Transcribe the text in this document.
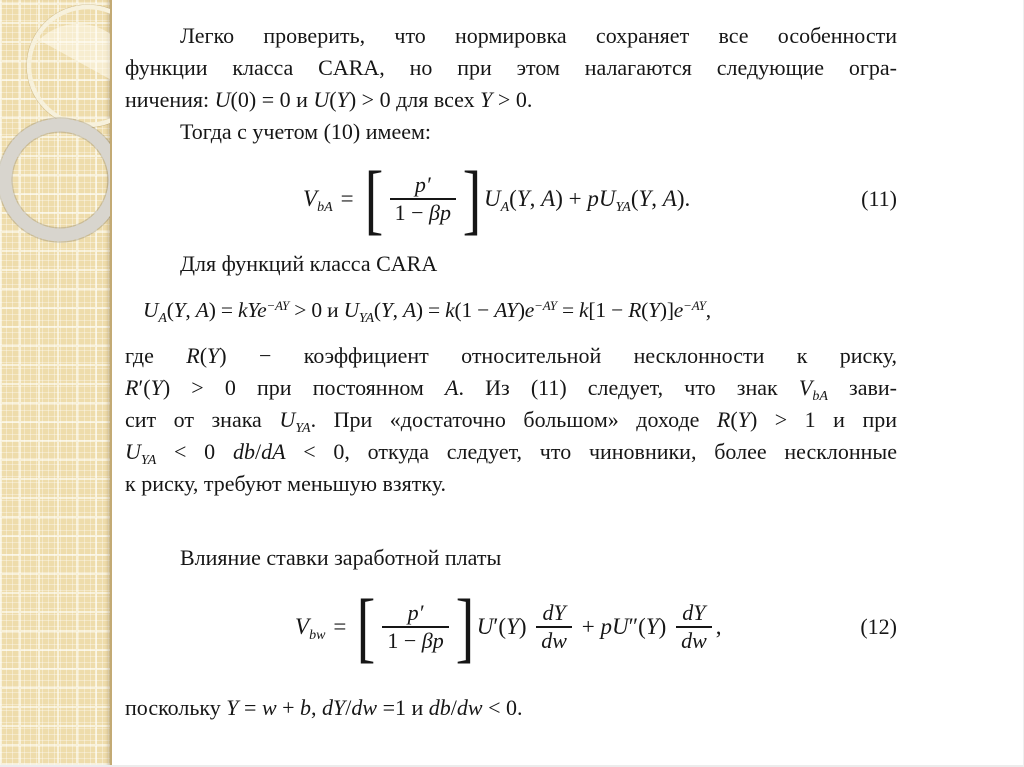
Легко проверить, что нормировка сохраняет все особенности
функции класса CARA, но при этом налагаются следующие огра-
ничения: U(0) = 0 и U(Y) > 0 для всех Y > 0.
Тогда с учетом (10) имеем:
$V_{bA}$ = [ $\frac{p'}{1 - \beta p}$ ] $U_A(Y$, $A) + pU_{YA}(Y$, A).	(11)
Для функций класса CARA
$U_A(Y$, A) = kYe$^{-AY}$ > 0 и $U_{YA}(Y$, $A) = k(1 - AY)e^{-AY} = k[1 - R(Y)]e^{-AY}$,
где R(Y) − коэффициент относительной несклонности к риску,
R′(Y) > 0 при постоянном A. Из (11) следует, что знак $V_{bA}$ зави-
сит от знака $U_{YA}$. При «достаточно большом» доходе R(Y) > 1 и при
$U_{YA} < 0$ db/dA < 0, откуда следует, что чиновники, более несклонные
к риску, требуют меньшую взятку.
Влияние ставки заработной платы
$V_{bw}$ = [ $\frac{p'}{1 - \beta p}$ ] $U'(Y) \frac{dY}{dw} + pU''(Y) \frac{dY}{dw}$ ,	(12)
поскольку Y = w + b, dY/dw =1 и db/dw < 0.
